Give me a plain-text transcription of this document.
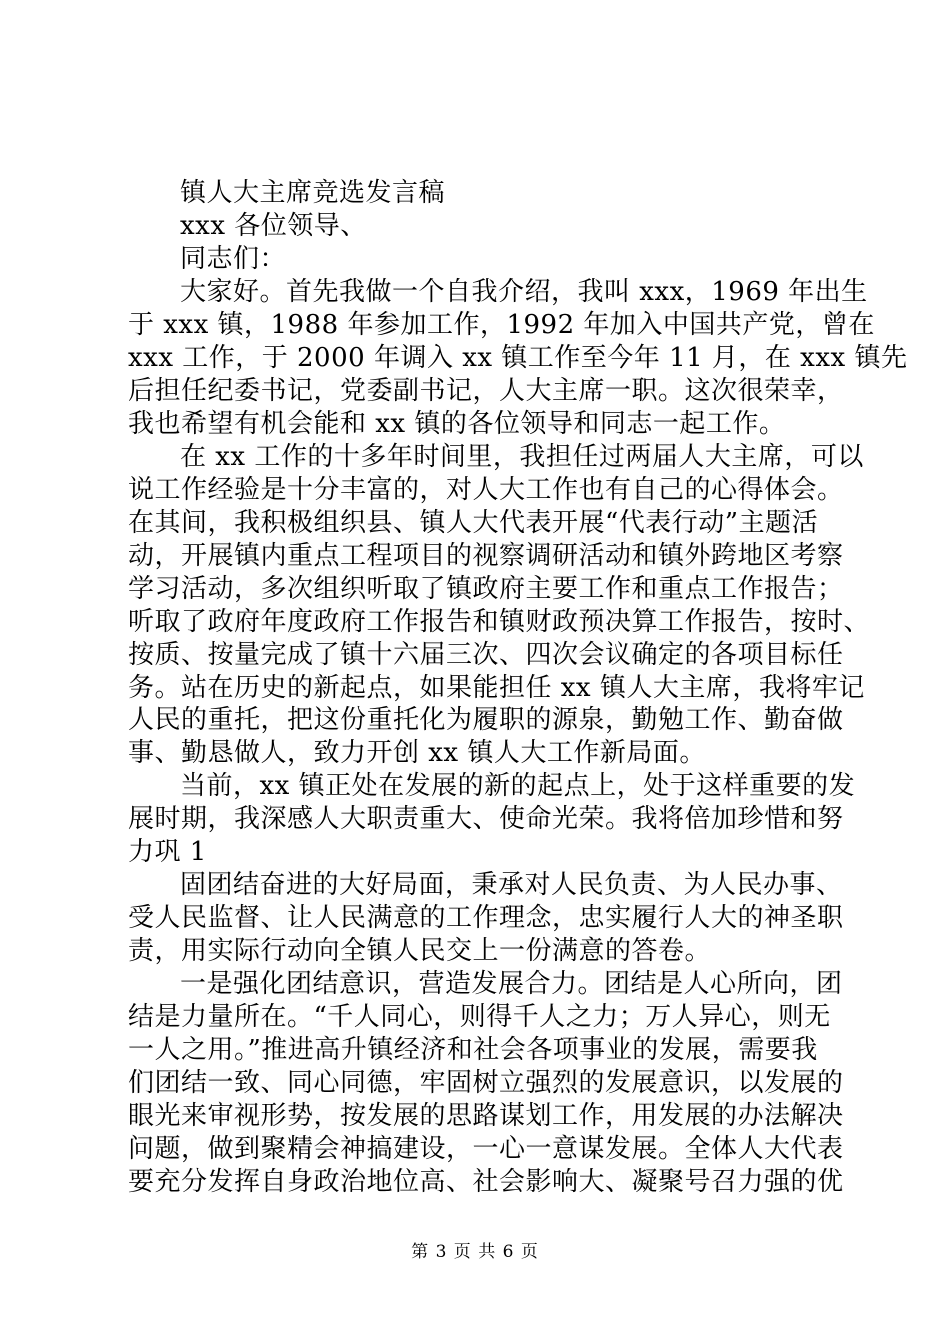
镇人大主席竞选发言稿
xxx 各位领导、
同志们：
大家好。首先我做一个自我介绍，我叫 xxx，1969 年出生
于 xxx 镇，1988 年参加工作，1992 年加入中国共产党，曾在
xxx 工作，于 2000 年调入 xx 镇工作至今年 11 月，在 xxx 镇先
后担任纪委书记，党委副书记，人大主席一职。这次很荣幸，
我也希望有机会能和 xx 镇的各位领导和同志一起工作。
在 xx 工作的十多年时间里，我担任过两届人大主席，可以
说工作经验是十分丰富的，对人大工作也有自己的心得体会。
在其间，我积极组织县、镇人大代表开展“代表行动”主题活
动，开展镇内重点工程项目的视察调研活动和镇外跨地区考察
学习活动，多次组织听取了镇政府主要工作和重点工作报告；
听取了政府年度政府工作报告和镇财政预决算工作报告，按时、
按质、按量完成了镇十六届三次、四次会议确定的各项目标任
务。站在历史的新起点，如果能担任 xx 镇人大主席，我将牢记
人民的重托，把这份重托化为履职的源泉，勤勉工作、勤奋做
事、勤恳做人，致力开创 xx 镇人大工作新局面。
当前，xx 镇正处在发展的新的起点上，处于这样重要的发
展时期，我深感人大职责重大、使命光荣。我将倍加珍惜和努
力巩 1
固团结奋进的大好局面，秉承对人民负责、为人民办事、
受人民监督、让人民满意的工作理念，忠实履行人大的神圣职
责，用实际行动向全镇人民交上一份满意的答卷。
一是强化团结意识，营造发展合力。团结是人心所向，团
结是力量所在。“千人同心，则得千人之力；万人异心，则无
一人之用。”推进高升镇经济和社会各项事业的发展，需要我
们团结一致、同心同德，牢固树立强烈的发展意识，以发展的
眼光来审视形势，按发展的思路谋划工作，用发展的办法解决
问题，做到聚精会神搞建设，一心一意谋发展。全体人大代表
要充分发挥自身政治地位高、社会影响大、凝聚号召力强的优
第 3 页 共 6 页
